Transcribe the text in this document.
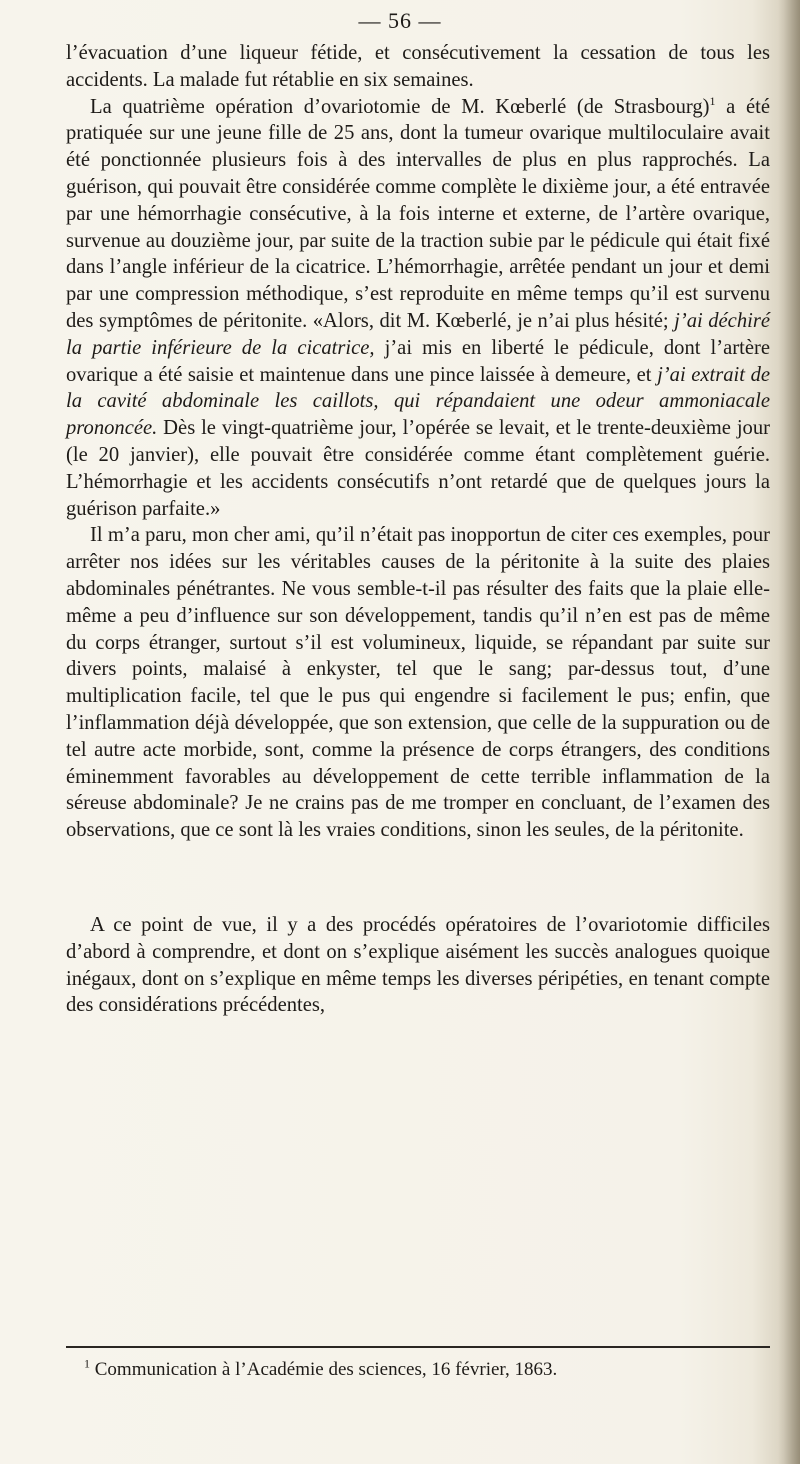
— 56 —

l’évacuation d’une liqueur fétide, et consécutivement la cessation de tous les accidents. La malade fut rétablie en six semaines.

La quatrième opération d’ovariotomie de M. Kœberlé (de Strasbourg)$^1$ a été pratiquée sur une jeune fille de 25 ans, dont la tumeur ovarique multiloculaire avait été ponctionnée plusieurs fois à des intervalles de plus en plus rapprochés. La guérison, qui pouvait être considérée comme complète le dixième jour, a été entravée par une hémorrhagie consécutive, à la fois interne et externe, de l’artère ovarique, survenue au douzième jour, par suite de la traction subie par le pédicule qui était fixé dans l’angle inférieur de la cicatrice. L’hémorrhagie, arrêtée pendant un jour et demi par une compression méthodique, s’est reproduite en même temps qu’il est survenu des symptômes de péritonite. «Alors, dit M. Kœberlé, je n’ai plus hésité; j’ai déchiré la partie inférieure de la cicatrice, j’ai mis en liberté le pédicule, dont l’artère ovarique a été saisie et maintenue dans une pince laissée à demeure, et j’ai extrait de la cavité abdominale les caillots, qui répandaient une odeur ammoniacale prononcée. Dès le vingt-quatrième jour, l’opérée se levait, et le trente-deuxième jour (le 20 janvier), elle pouvait être considérée comme étant complètement guérie. L’hémorrhagie et les accidents consécutifs n’ont retardé que de quelques jours la guérison parfaite.»

Il m’a paru, mon cher ami, qu’il n’était pas inopportun de citer ces exemples, pour arrêter nos idées sur les véritables causes de la péritonite à la suite des plaies abdominales pénétrantes. Ne vous semble-t-il pas résulter des faits que la plaie elle-même a peu d’influence sur son développement, tandis qu’il n’en est pas de même du corps étranger, surtout s’il est volumineux, liquide, se répandant par suite sur divers points, malaisé à enkyster, tel que le sang; par-dessus tout, d’une multiplication facile, tel que le pus qui engendre si facilement le pus; enfin, que l’inflammation déjà développée, que son extension, que celle de la suppuration ou de tel autre acte morbide, sont, comme la présence de corps étrangers, des conditions éminemment favorables au développement de cette terrible inflammation de la séreuse abdominale? Je ne crains pas de me tromper en concluant, de l’examen des observations, que ce sont là les vraies conditions, sinon les seules, de la péritonite.

A ce point de vue, il y a des procédés opératoires de l’ovariotomie difficiles d’abord à comprendre, et dont on s’explique aisément les succès analogues quoique inégaux, dont on s’explique en même temps les diverses péripéties, en tenant compte des considérations précédentes,

$^1$ Communication à l’Académie des sciences, 16 février, 1863.
